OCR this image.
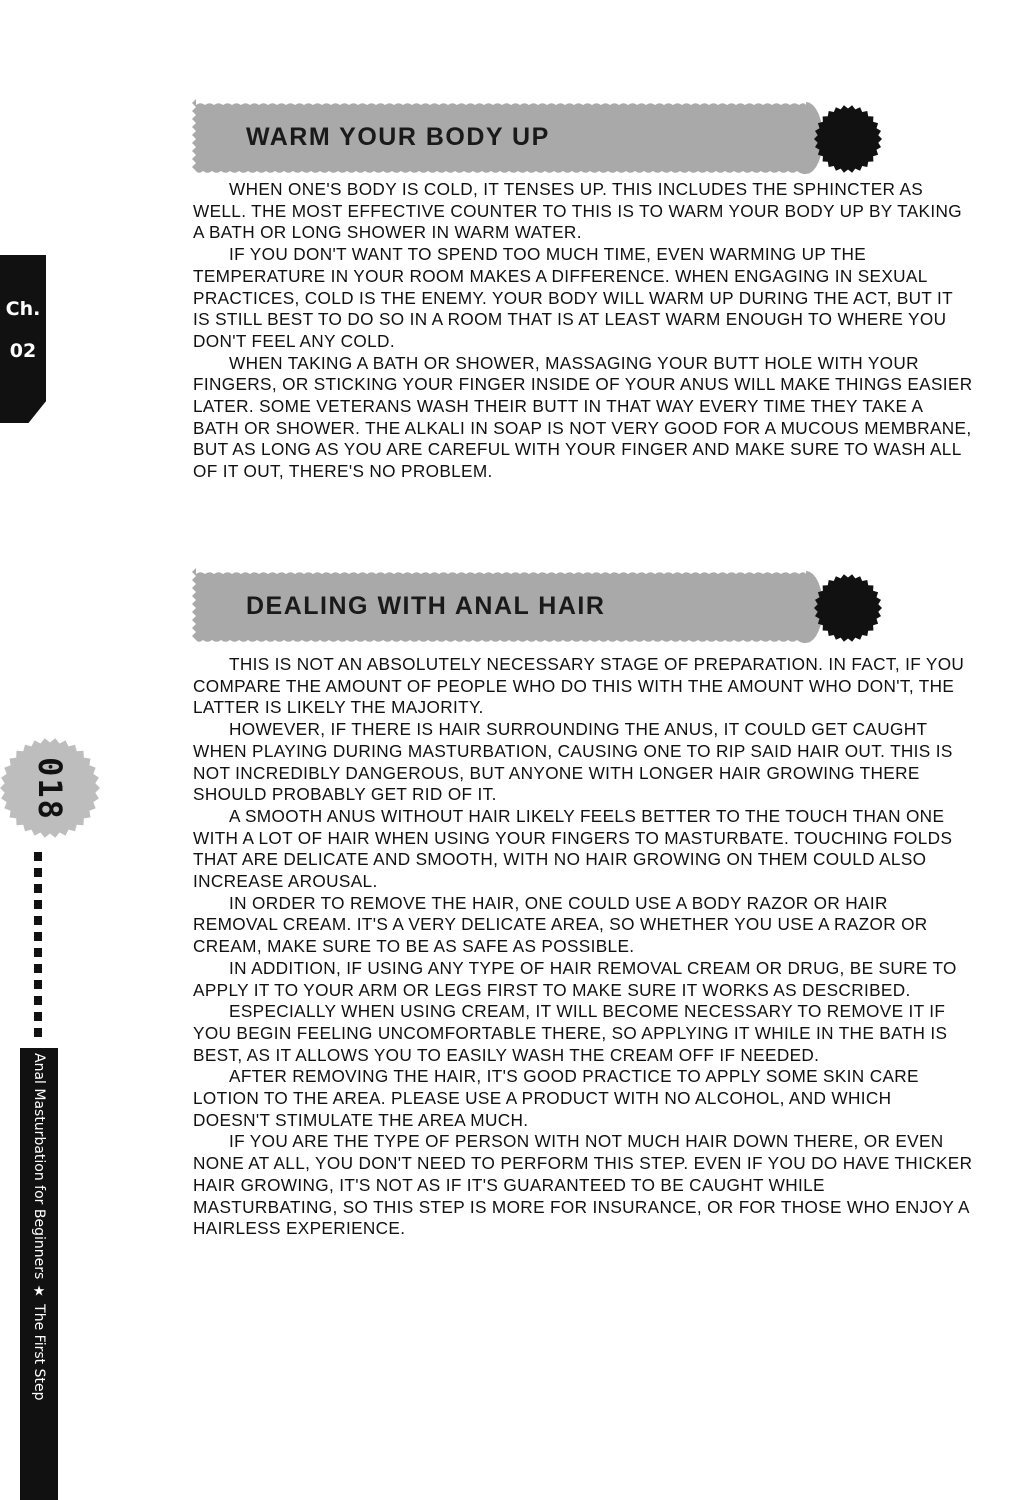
Ch.
02
018
Anal Masturbation for Beginners ★ The First Step
WARM YOUR BODY UP

WHEN ONE'S BODY IS COLD, IT TENSES UP. THIS INCLUDES THE SPHINCTER AS WELL. THE MOST EFFECTIVE COUNTER TO THIS IS TO WARM YOUR BODY UP BY TAKING A BATH OR LONG SHOWER IN WARM WATER.

IF YOU DON'T WANT TO SPEND TOO MUCH TIME, EVEN WARMING UP THE TEMPERATURE IN YOUR ROOM MAKES A DIFFERENCE. WHEN ENGAGING IN SEXUAL PRACTICES, COLD IS THE ENEMY. YOUR BODY WILL WARM UP DURING THE ACT, BUT IT IS STILL BEST TO DO SO IN A ROOM THAT IS AT LEAST WARM ENOUGH TO WHERE YOU DON'T FEEL ANY COLD.

WHEN TAKING A BATH OR SHOWER, MASSAGING YOUR BUTT HOLE WITH YOUR FINGERS, OR STICKING YOUR FINGER INSIDE OF YOUR ANUS WILL MAKE THINGS EASIER LATER. SOME VETERANS WASH THEIR BUTT IN THAT WAY EVERY TIME THEY TAKE A BATH OR SHOWER. THE ALKALI IN SOAP IS NOT VERY GOOD FOR A MUCOUS MEMBRANE, BUT AS LONG AS YOU ARE CAREFUL WITH YOUR FINGER AND MAKE SURE TO WASH ALL OF IT OUT, THERE'S NO PROBLEM.

DEALING WITH ANAL HAIR

THIS IS NOT AN ABSOLUTELY NECESSARY STAGE OF PREPARATION. IN FACT, IF YOU COMPARE THE AMOUNT OF PEOPLE WHO DO THIS WITH THE AMOUNT WHO DON'T, THE LATTER IS LIKELY THE MAJORITY.

HOWEVER, IF THERE IS HAIR SURROUNDING THE ANUS, IT COULD GET CAUGHT WHEN PLAYING DURING MASTURBATION, CAUSING ONE TO RIP SAID HAIR OUT. THIS IS NOT INCREDIBLY DANGEROUS, BUT ANYONE WITH LONGER HAIR GROWING THERE SHOULD PROBABLY GET RID OF IT.

A SMOOTH ANUS WITHOUT HAIR LIKELY FEELS BETTER TO THE TOUCH THAN ONE WITH A LOT OF HAIR WHEN USING YOUR FINGERS TO MASTURBATE. TOUCHING FOLDS THAT ARE DELICATE AND SMOOTH, WITH NO HAIR GROWING ON THEM COULD ALSO INCREASE AROUSAL.

IN ORDER TO REMOVE THE HAIR, ONE COULD USE A BODY RAZOR OR HAIR REMOVAL CREAM. IT'S A VERY DELICATE AREA, SO WHETHER YOU USE A RAZOR OR CREAM, MAKE SURE TO BE AS SAFE AS POSSIBLE.

IN ADDITION, IF USING ANY TYPE OF HAIR REMOVAL CREAM OR DRUG, BE SURE TO APPLY IT TO YOUR ARM OR LEGS FIRST TO MAKE SURE IT WORKS AS DESCRIBED.

ESPECIALLY WHEN USING CREAM, IT WILL BECOME NECESSARY TO REMOVE IT IF YOU BEGIN FEELING UNCOMFORTABLE THERE, SO APPLYING IT WHILE IN THE BATH IS BEST, AS IT ALLOWS YOU TO EASILY WASH THE CREAM OFF IF NEEDED.

AFTER REMOVING THE HAIR, IT'S GOOD PRACTICE TO APPLY SOME SKIN CARE LOTION TO THE AREA. PLEASE USE A PRODUCT WITH NO ALCOHOL, AND WHICH DOESN'T STIMULATE THE AREA MUCH.

IF YOU ARE THE TYPE OF PERSON WITH NOT MUCH HAIR DOWN THERE, OR EVEN NONE AT ALL, YOU DON'T NEED TO PERFORM THIS STEP. EVEN IF YOU DO HAVE THICKER HAIR GROWING, IT'S NOT AS IF IT'S GUARANTEED TO BE CAUGHT WHILE MASTURBATING, SO THIS STEP IS MORE FOR INSURANCE, OR FOR THOSE WHO ENJOY A HAIRLESS EXPERIENCE.
